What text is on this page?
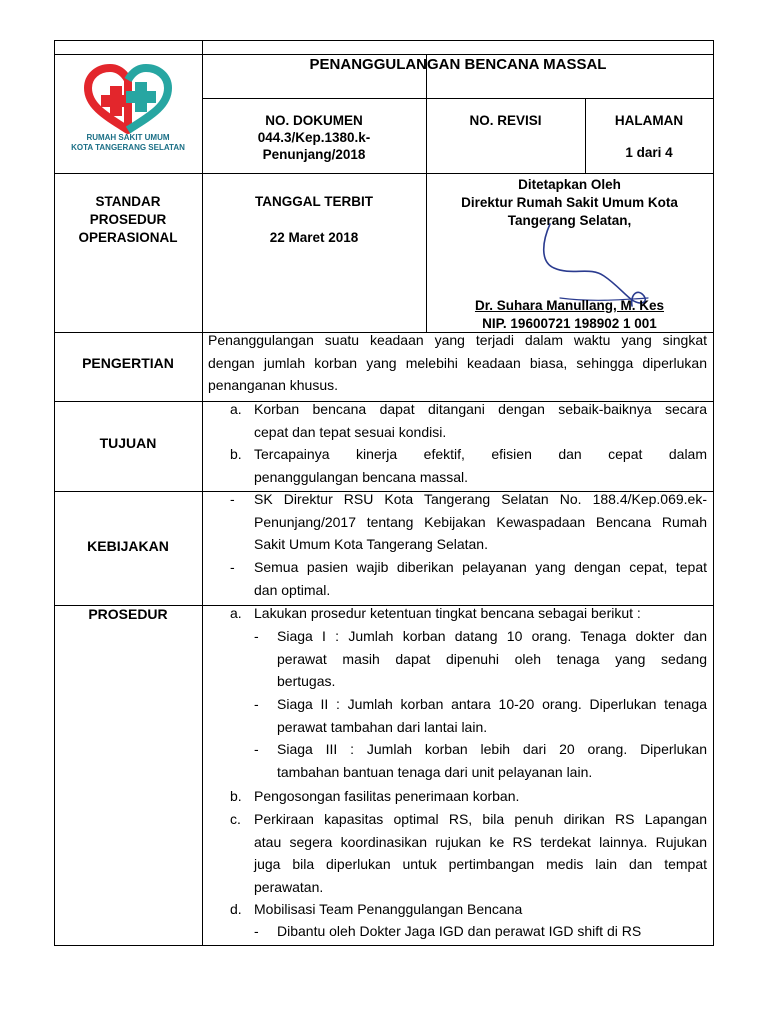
RUMAH SAKIT UMUM
KOTA TANGERANG SELATAN
PENANGGULANGAN BENCANA MASSAL
NO. DOKUMEN
044.3/Kep.1380.k-
Penunjang/2018
NO. REVISI	HALAMAN
1 dari 4
STANDAR
PROSEDUR
OPERASIONAL
TANGGAL TERBIT
22 Maret 2018
Ditetapkan Oleh
Direktur Rumah Sakit Umum Kota
Tangerang Selatan,
Dr. Suhara Manullang, M. Kes
NIP. 19600721 198902 1 001
PENGERTIAN
TUJUAN
KEBIJAKAN
PROSEDUR
Penanggulangan suatu keadaan yang terjadi dalam waktu yang singkat
dengan jumlah korban yang melebihi keadaan biasa, sehingga diperlukan
penanganan khusus.
a. Korban bencana dapat ditangani dengan sebaik-baiknya secara
cepat dan tepat sesuai kondisi.
b. Tercapainya kinerja efektif, efisien dan cepat dalam
penanggulangan bencana massal.
- SK Direktur RSU Kota Tangerang Selatan No. 188.4/Kep.069.ek-
Penunjang/2017 tentang Kebijakan Kewaspadaan Bencana Rumah
Sakit Umum Kota Tangerang Selatan.
- Semua pasien wajib diberikan pelayanan yang dengan cepat, tepat
dan optimal.
a. Lakukan prosedur ketentuan tingkat bencana sebagai berikut :
- Siaga I : Jumlah korban datang 10 orang. Tenaga dokter dan
perawat masih dapat dipenuhi oleh tenaga yang sedang
bertugas.
- Siaga II : Jumlah korban antara 10-20 orang. Diperlukan tenaga
perawat tambahan dari lantai lain.
- Siaga III : Jumlah korban lebih dari 20 orang. Diperlukan
tambahan bantuan tenaga dari unit pelayanan lain.
b. Pengosongan fasilitas penerimaan korban.
c. Perkiraan kapasitas optimal RS, bila penuh dirikan RS Lapangan
atau segera koordinasikan rujukan ke RS terdekat lainnya. Rujukan
juga bila diperlukan untuk pertimbangan medis lain dan tempat
perawatan.
d. Mobilisasi Team Penanggulangan Bencana
- Dibantu oleh Dokter Jaga IGD dan perawat IGD shift di RS
